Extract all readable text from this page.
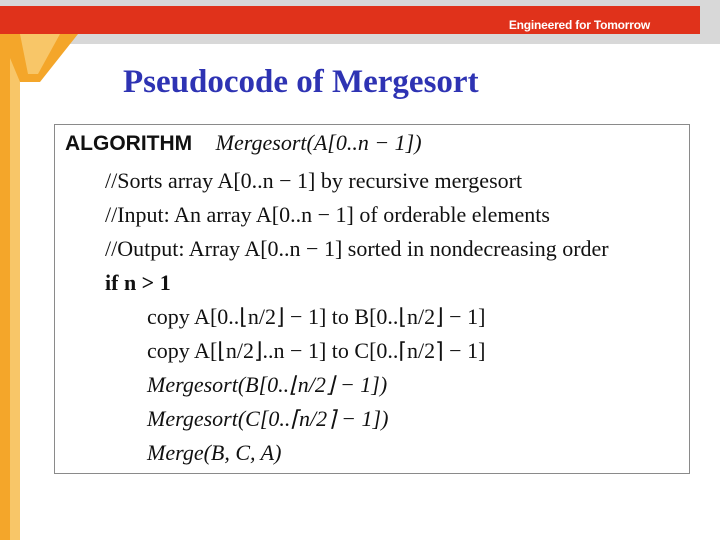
Engineered for Tomorrow
Pseudocode of Mergesort
ALGORITHM Mergesort(A[0..n − 1])
//Sorts array A[0..n − 1] by recursive mergesort
//Input: An array A[0..n − 1] of orderable elements
//Output: Array A[0..n − 1] sorted in nondecreasing order
if n > 1
copy A[0..⌊n/2⌋ − 1] to B[0..⌊n/2⌋ − 1]
copy A[⌊n/2⌋..n − 1] to C[0..⌈n/2⌉ − 1]
Mergesort(B[0..⌊n/2⌋ − 1])
Mergesort(C[0..⌈n/2⌉ − 1])
Merge(B, C, A)
